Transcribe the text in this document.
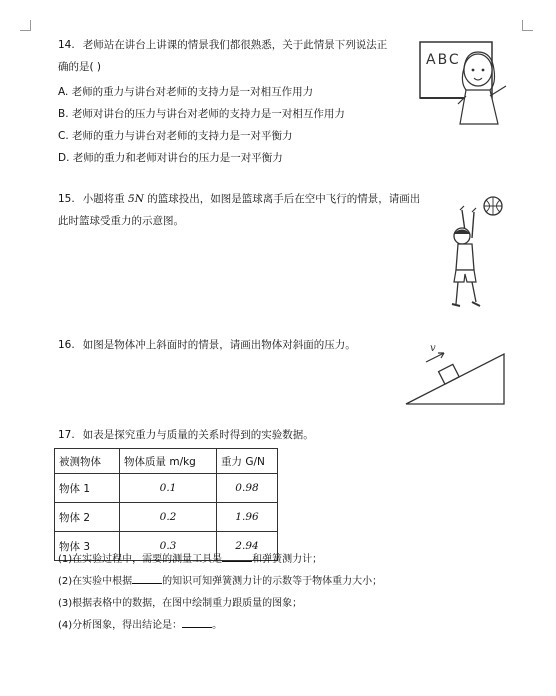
14. 老师站在讲台上讲课的情景我们都很熟悉，关于此情景下列说法正
确的是( )
A. 老师的重力与讲台对老师的支持力是一对相互作用力
B. 老师对讲台的压力与讲台对老师的支持力是一对相互作用力
C. 老师的重力与讲台对老师的支持力是一对平衡力
D. 老师的重力和老师对讲台的压力是一对平衡力
ABC
15. 小题将重 5N 的篮球投出，如图是篮球离手后在空中飞行的情景，请画出
此时篮球受重力的示意图。
16. 如图是物体冲上斜面时的情景，请画出物体对斜面的压力。	v
17. 如表是探究重力与质量的关系时得到的实验数据。
被测物体	物体质量 m/kg	重力 G/N
物体 1	0.1	0.98
物体 2	0.2	1.96
物体 3	0.3	2.94
(1)在实验过程中，需要的测量工具是	和弹簧测力计；
(2)在实验中根据	的知识可知弹簧测力计的示数等于物体重力大小；
(3)根据表格中的数据，在图中绘制重力跟质量的图象；
(4)分析图象，得出结论是：	。
